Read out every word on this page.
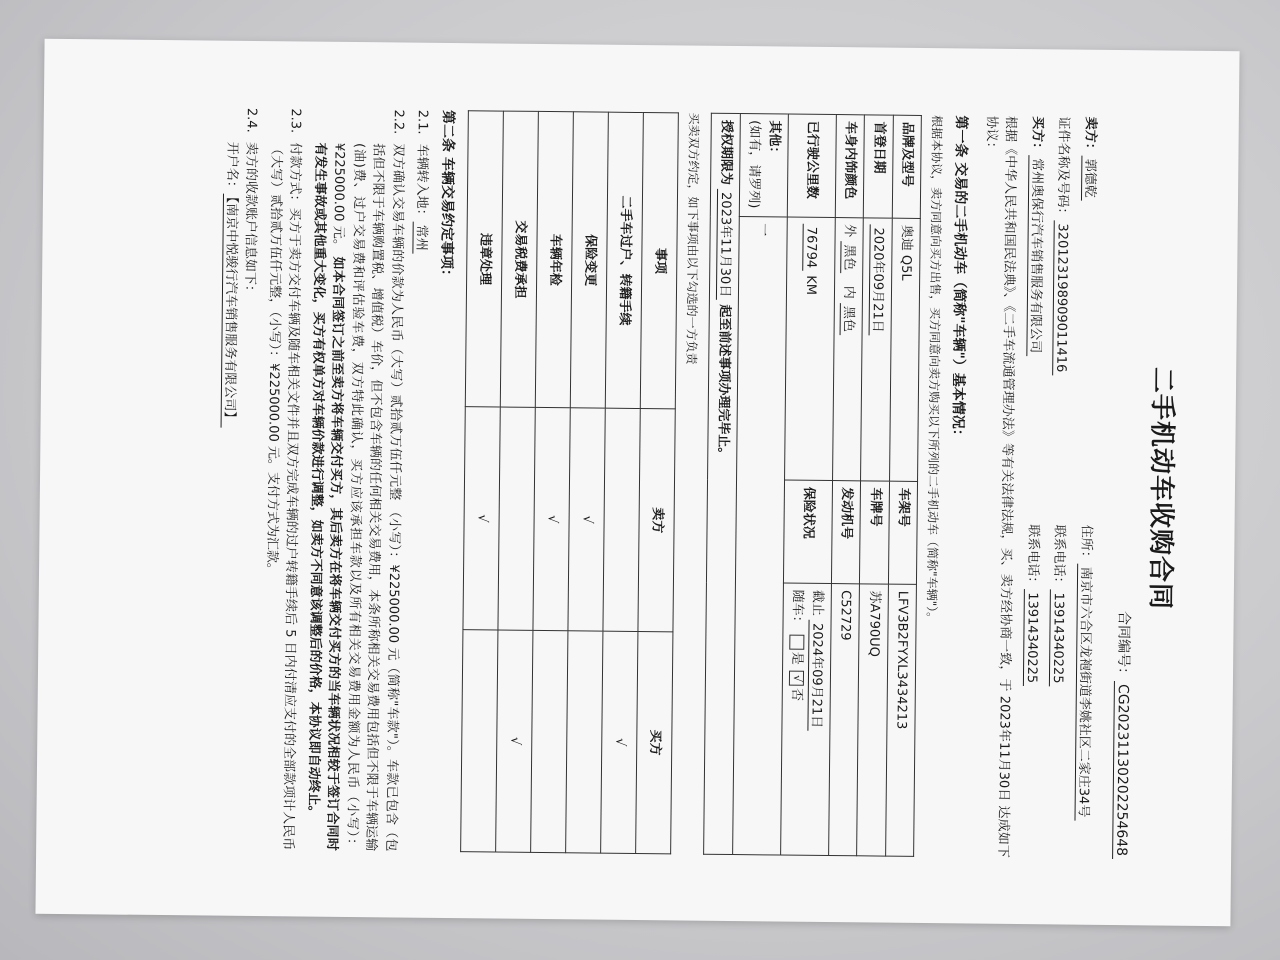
二手机动车收购合同
合同编号：CG2023113020225464​8
卖方：郭德乾
住所：南京市六合区龙袍街道李姚社区二家庄34号
证件名称及号码：320123198909011416
联系电话：13914340225
买方：常州奥保行汽车销售服务有限公司
联系电话：13914340225
根据《中华人民共和国民法典》、《二手车流通管理办法》等有关法律法规，买、卖方经协商一致，于 2023年11月30日 达成如下协议：
第一条 交易的二手机动车（简称"车辆"）基本情况：
根据本协议，卖方同意向买方出售，买方同意向卖方购买以下所列的二手机动车（简称"车辆"）。
品牌及型号	奥迪 Q5L	车架号	LFV3B2FYXL3434213
首登日期	2020年09月21日	车牌号	苏A790UQ
车身内饰颜色	外 黑色   内 黑色	发动机号	C52729
已行驶公里数	76794 KM	保险状况	截止 2024年09月21日
随车： 是 √否
其他：
(如有，请罗列)	一		
授权期限为 2023年11月30日 起至前述事项办理完毕止。			
买卖双方约定，如下事项由以下勾选的一方负责
事项	卖方	买方
二手车过户、转籍手续		√
保险变更	√	
车辆年检	√	
交易税费承担		√
违章处理	√	
第二条 车辆交易约定事项：
2.1.
车辆转入地：常州
2.2.
双方确认交易车辆的价款为人民币（大写）贰拾贰万伍仟元整 （小写）：¥225000.00 元（简称"车款"）。车款已包含（包括但不限于车辆购置税、增值税）车价，但不包含车辆的任何相关交易费用，本条所称相关交易费用包括但不限于车辆运输(油)费、过户交易费和评估验车费，双方特此确认，买方应该承担车款以及所有相关交易费用金额为人民币（小写）：¥225000.00 元。 如本合同签订之前至卖方将车辆交付买方，其后卖方在将车辆交付买方的当车辆状况相较于签订合同时有发生事故或其他重大变化，买方有权单方对车辆价款进行调整，如卖方不同意该调整后的价格，本协议即自动终止。
2.3.
付款方式：买方于卖方交付车辆及随车相关文件并且双方完成车辆的过户转籍手续后 5 日内付清应支付的全部款项计人民币（大写）贰拾贰万伍仟元整，（小写）：¥225000.00 元。支付方式为汇款。
2.4.
卖方的收款账户信息如下：
开户名：【南京中悦骏行汽车销售服务有限公司】
